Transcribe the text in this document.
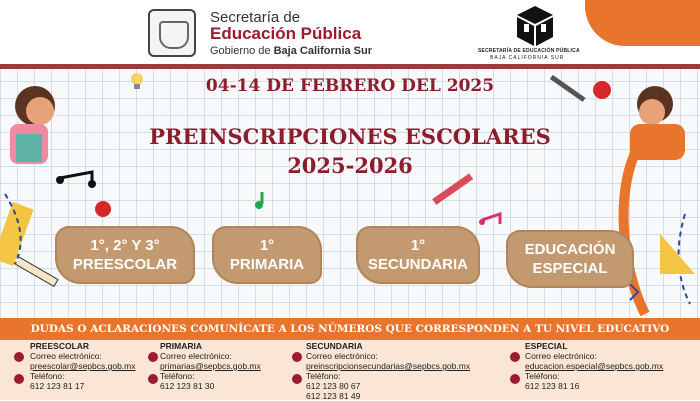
Secretaría de
Educación Pública
Gobierno de Baja California Sur	SECRETARÍA DE EDUCACIÓN PÚBLICA
BAJA CALIFORNIA SUR
04-14 DE FEBRERO DEL 2025
PREINSCRIPCIONES ESCOLARES
2025-2026
1°, 2° Y 3°
PREESCOLAR
1°
PRIMARIA
1°
SECUNDARIA
EDUCACIÓN
ESPECIAL
DUDAS O ACLARACIONES COMUNÍCATE A LOS NÚMEROS QUE CORRESPONDEN A TU NIVEL EDUCATIVO
PREESCOLAR
Correo electrónico:
preescolar@sepbcs.gob.mx
Teléfono:
612 123 81 17
PRIMARIA
Correo electrónico:
primarias@sepbcs.gob.mx
Teléfono:
612 123 81 30
SECUNDARIA
Correo electrónico:
preinscripcionsecundarias@sepbcs.gob.mx
Teléfono:
612 123 80 67
612 123 81 49
ESPECIAL
Correo electrónico:
educacion.especial@sepbcs.gob.mx
Teléfono:
612 123 81 16
